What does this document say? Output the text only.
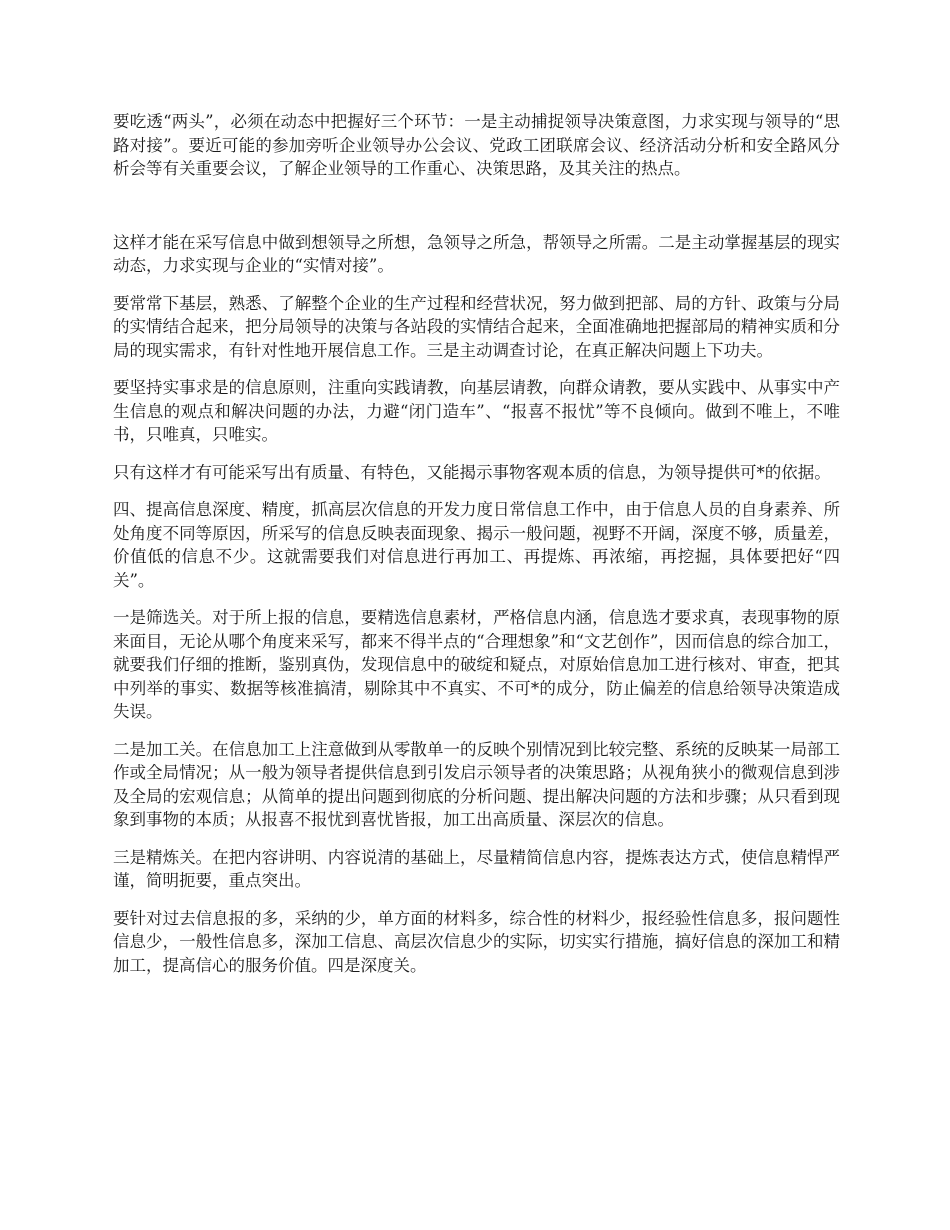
要吃透“两头”，必须在动态中把握好三个环节：一是主动捕捉领导决策意图，力求实现与领导的“思路对接”。要近可能的参加旁听企业领导办公会议、党政工团联席会议、经济活动分析和安全路风分析会等有关重要会议，了解企业领导的工作重心、决策思路，及其关注的热点。

这样才能在采写信息中做到想领导之所想，急领导之所急，帮领导之所需。二是主动掌握基层的现实动态，力求实现与企业的“实情对接”。

要常常下基层，熟悉、了解整个企业的生产过程和经营状况，努力做到把部、局的方针、政策与分局的实情结合起来，把分局领导的决策与各站段的实情结合起来，全面准确地把握部局的精神实质和分局的现实需求，有针对性地开展信息工作。三是主动调查讨论，在真正解决问题上下功夫。

要坚持实事求是的信息原则，注重向实践请教，向基层请教，向群众请教，要从实践中、从事实中产生信息的观点和解决问题的办法，力避“闭门造车”、“报喜不报忧”等不良倾向。做到不唯上，不唯书，只唯真，只唯实。

只有这样才有可能采写出有质量、有特色，又能揭示事物客观本质的信息，为领导提供可*的依据。

四、提高信息深度、精度，抓高层次信息的开发力度日常信息工作中，由于信息人员的自身素养、所处角度不同等原因，所采写的信息反映表面现象、揭示一般问题，视野不开阔，深度不够，质量差，价值低的信息不少。这就需要我们对信息进行再加工、再提炼、再浓缩，再挖掘，具体要把好“四关”。

一是筛选关。对于所上报的信息，要精选信息素材，严格信息内涵，信息选才要求真，表现事物的原来面目，无论从哪个角度来采写，都来不得半点的“合理想象”和“文艺创作”，因而信息的综合加工，就要我们仔细的推断，鉴别真伪，发现信息中的破绽和疑点，对原始信息加工进行核对、审查，把其中列举的事实、数据等核准搞清，剔除其中不真实、不可*的成分，防止偏差的信息给领导决策造成失误。

二是加工关。在信息加工上注意做到从零散单一的反映个别情况到比较完整、系统的反映某一局部工作或全局情况；从一般为领导者提供信息到引发启示领导者的决策思路；从视角狭小的微观信息到涉及全局的宏观信息；从简单的提出问题到彻底的分析问题、提出解决问题的方法和步骤；从只看到现象到事物的本质；从报喜不报忧到喜忧皆报，加工出高质量、深层次的信息。

三是精炼关。在把内容讲明、内容说清的基础上，尽量精简信息内容，提炼表达方式，使信息精悍严谨，简明扼要，重点突出。

要针对过去信息报的多，采纳的少，单方面的材料多，综合性的材料少，报经验性信息多，报问题性信息少，一般性信息多，深加工信息、高层次信息少的实际，切实实行措施，搞好信息的深加工和精加工，提高信心的服务价值。四是深度关。
